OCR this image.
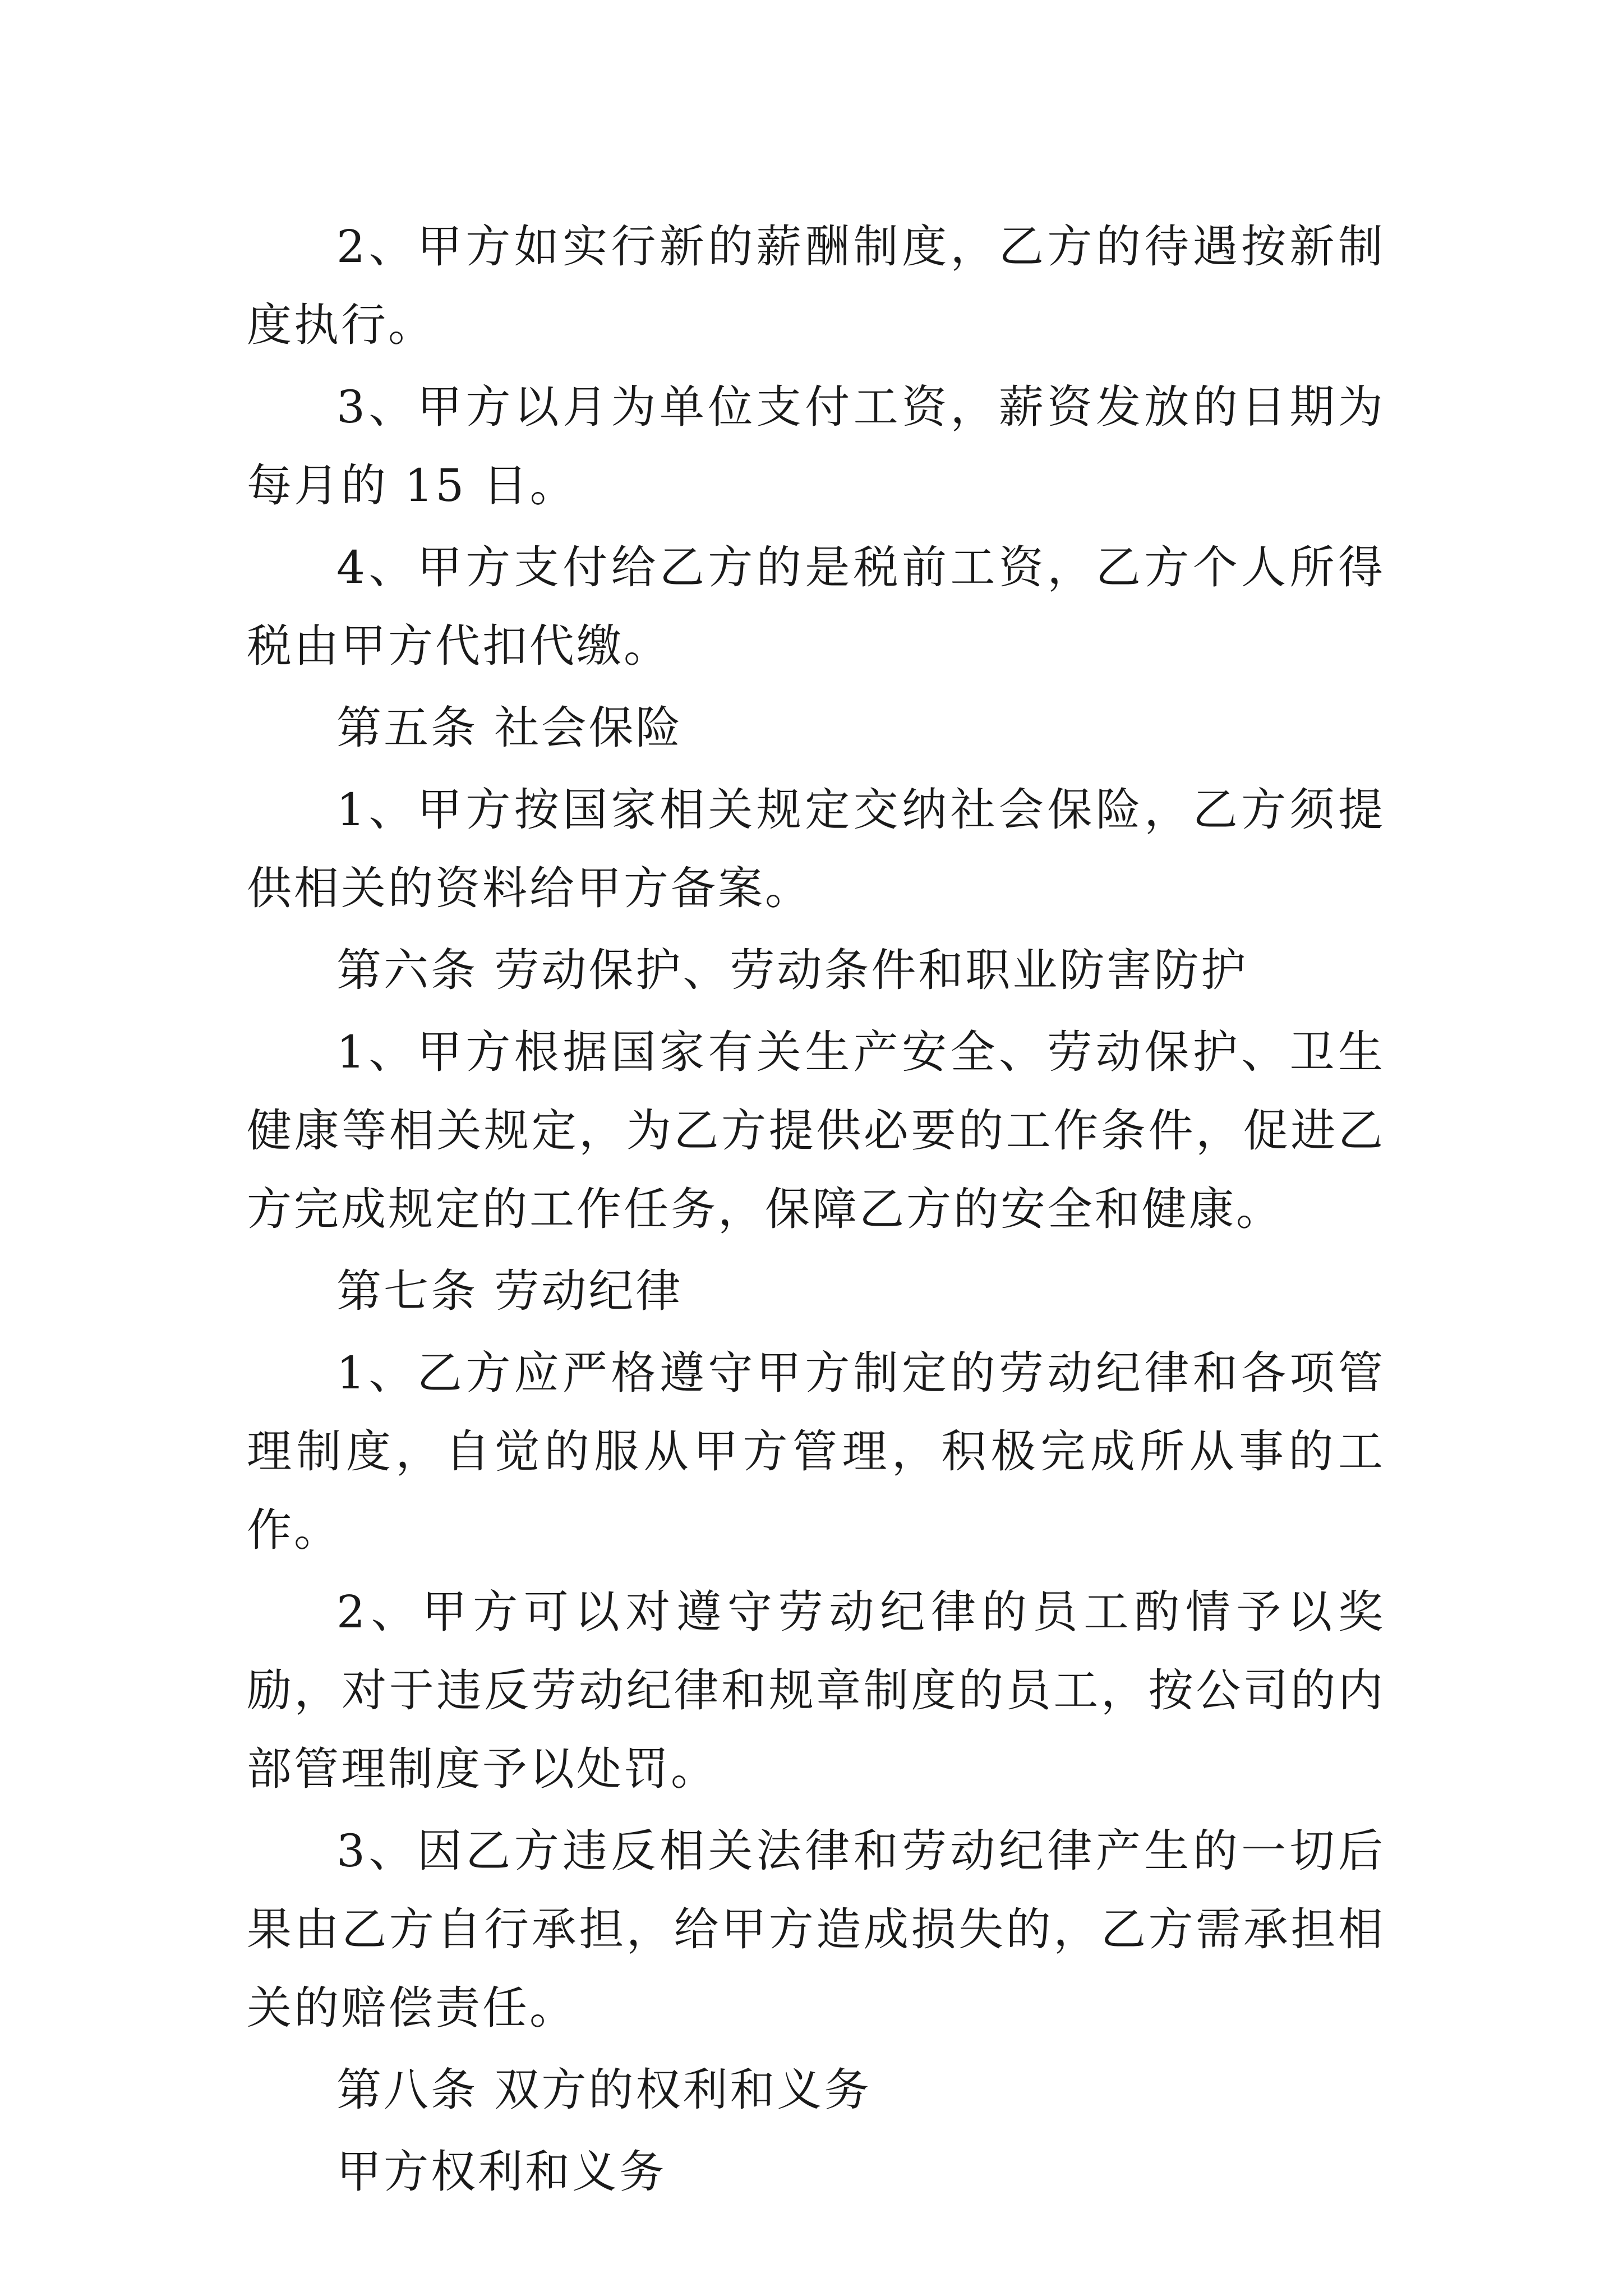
2、甲方如实行新的薪酬制度，乙方的待遇按新制度执行。

3、甲方以月为单位支付工资，薪资发放的日期为每月的 15 日。

4、甲方支付给乙方的是税前工资，乙方个人所得税由甲方代扣代缴。

第五条 社会保险

1、甲方按国家相关规定交纳社会保险，乙方须提供相关的资料给甲方备案。

第六条 劳动保护、劳动条件和职业防害防护

1、甲方根据国家有关生产安全、劳动保护、卫生健康等相关规定，为乙方提供必要的工作条件，促进乙方完成规定的工作任务，保障乙方的安全和健康。

第七条 劳动纪律

1、乙方应严格遵守甲方制定的劳动纪律和各项管理制度，自觉的服从甲方管理，积极完成所从事的工作。

2、甲方可以对遵守劳动纪律的员工酌情予以奖励，对于违反劳动纪律和规章制度的员工，按公司的内部管理制度予以处罚。

3、因乙方违反相关法律和劳动纪律产生的一切后果由乙方自行承担，给甲方造成损失的，乙方需承担相关的赔偿责任。

第八条 双方的权利和义务

甲方权利和义务
